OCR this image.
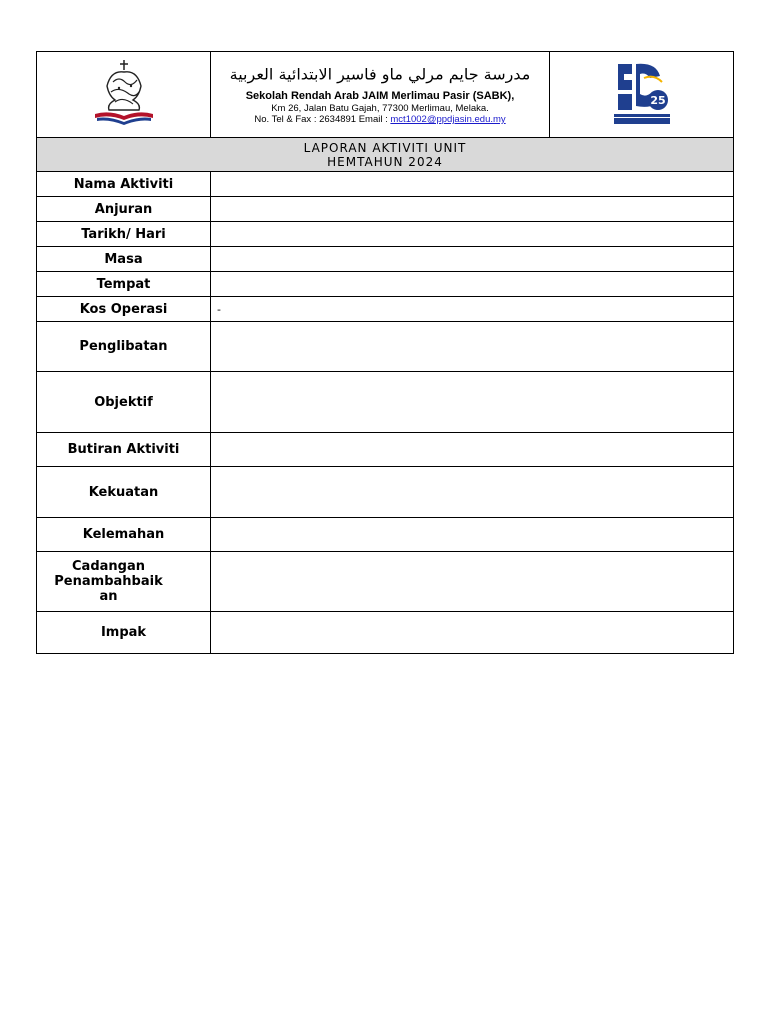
مدرسة جايم مرلي ماو فاسير الابتدائية العربية
Sekolah Rendah Arab JAIM Merlimau Pasir (SABK),
Km 26, Jalan Batu Gajah, 77300 Merlimau, Melaka.
No. Tel & Fax : 2634891 Email : mct1002@ppdjasin.edu.my	25

LAPORAN AKTIVITI UNIT
HEMTAHUN 2024		

Nama Aktiviti		
Anjuran		
Tarikh/ Hari		
Masa		
Tempat		
Kos Operasi	-	
Penglibatan		
Objektif		
Butiran Aktiviti		
Kekuatan		
Kelemahan		
Cadangan Penambahbaik an		
Impak		
